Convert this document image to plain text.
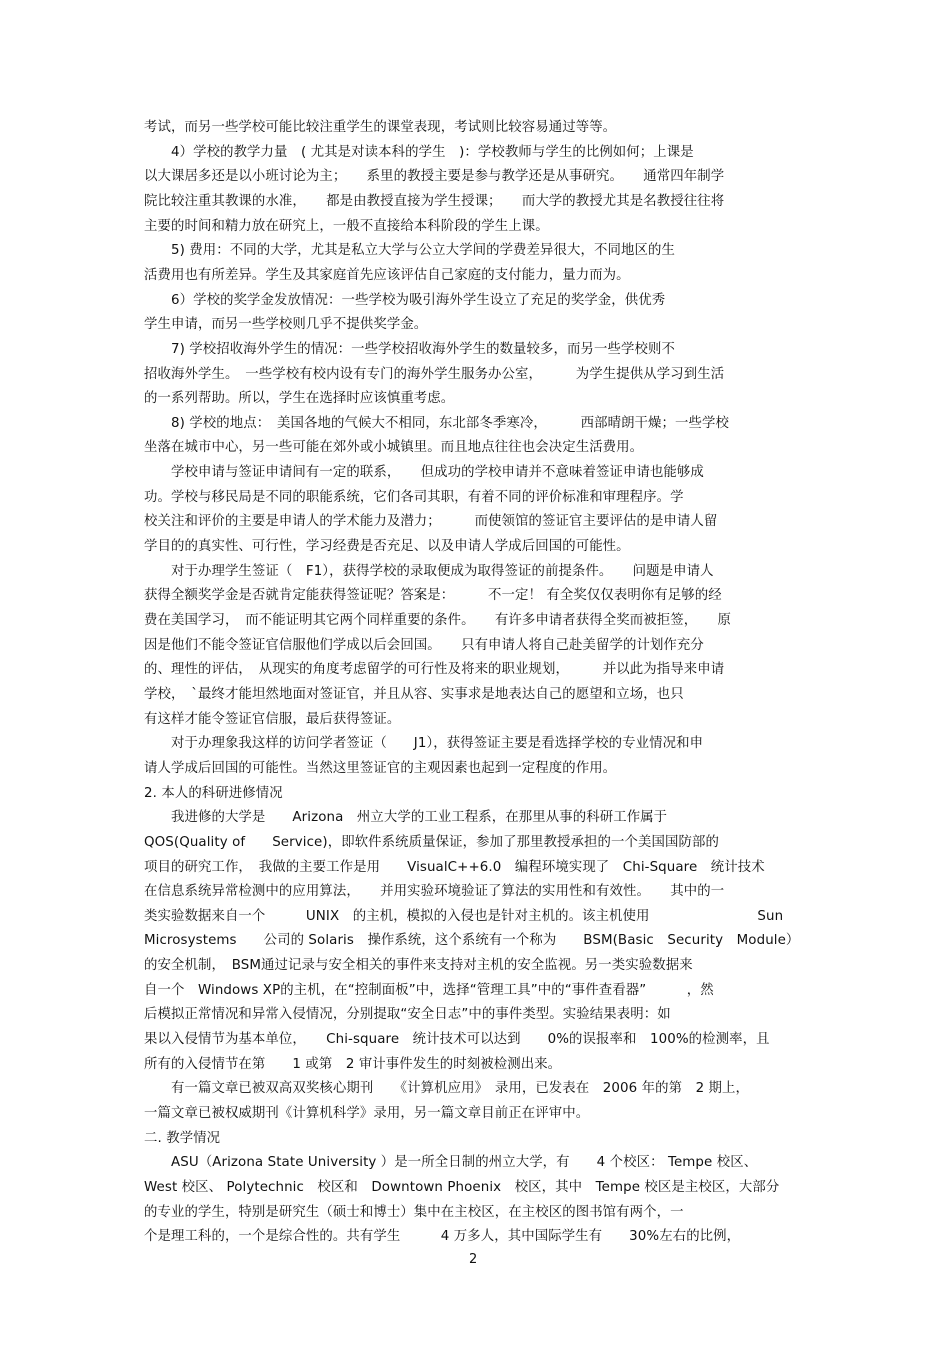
考试，而另一些学校可能比较注重学生的课堂表现，考试则比较容易通过等等。
　　4）学校的教学力量　( 尤其是对读本科的学生　)：学校教师与学生的比例如何；上课是
以大课居多还是以小班讨论为主；　　系里的教授主要是参与教学还是从事研究。　　通常四年制学
院比较注重其教课的水准，　　都是由教授直接为学生授课；　　而大学的教授尤其是名教授往往将
主要的时间和精力放在研究上，一般不直接给本科阶段的学生上课。
　　5) 费用：不同的大学，尤其是私立大学与公立大学间的学费差异很大，不同地区的生
活费用也有所差异。学生及其家庭首先应该评估自己家庭的支付能力，量力而为。
　　6）学校的奖学金发放情况：一些学校为吸引海外学生设立了充足的奖学金，供优秀
学生申请，而另一些学校则几乎不提供奖学金。
　　7) 学校招收海外学生的情况：一些学校招收海外学生的数量较多，而另一些学校则不
招收海外学生。　一些学校有校内设有专门的海外学生服务办公室，　　　为学生提供从学习到生活
的一系列帮助。所以，学生在选择时应该慎重考虑。
　　8) 学校的地点：　美国各地的气候大不相同，东北部冬季寒冷，　　　西部晴朗干燥；一些学校
坐落在城市中心，另一些可能在郊外或小城镇里。而且地点往往也会决定生活费用。
　　学校申请与签证申请间有一定的联系，　　但成功的学校申请并不意味着签证申请也能够成
功。学校与移民局是不同的职能系统，它们各司其职，有着不同的评价标准和审理程序。学
校关注和评价的主要是申请人的学术能力及潜力；　　　而使领馆的签证官主要评估的是申请人留
学目的的真实性、可行性，学习经费是否充足、以及申请人学成后回国的可能性。
　　对于办理学生签证（　F1），获得学校的录取便成为取得签证的前提条件。　　问题是申请人
获得全额奖学金是否就肯定能获得签证呢？答案是：　　　不一定！ 有全奖仅仅表明你有足够的经
费在美国学习，　而不能证明其它两个同样重要的条件。　　有许多申请者获得全奖而被拒签，　　原
因是他们不能令签证官信服他们学成以后会回国。　　只有申请人将自己赴美留学的计划作充分
的、理性的评估，　从现实的角度考虑留学的可行性及将来的职业规划，　　　并以此为指导来申请
学校，　`最终才能坦然地面对签证官，并且从容、实事求是地表达自己的愿望和立场，也只
有这样才能令签证官信服，最后获得签证。
　　对于办理象我这样的访问学者签证（　　J1），获得签证主要是看选择学校的专业情况和申
请人学成后回国的可能性。当然这里签证官的主观因素也起到一定程度的作用。
2. 本人的科研进修情况
　　我进修的大学是　　Arizona　州立大学的工业工程系，在那里从事的科研工作属于
QOS(Quality of　　Service)，即软件系统质量保证，参加了那里教授承担的一个美国国防部的
项目的研究工作，　我做的主要工作是用　　VisualC++6.0　编程环境实现了　Chi-Square　统计技术
在信息系统异常检测中的应用算法，　　并用实验环境验证了算法的实用性和有效性。　　其中的一
类实验数据来自一个　　　UNIX　的主机，模拟的入侵也是针对主机的。该主机使用　　　　　　　　Sun
Microsystems　　公司的 Solaris　操作系统，这个系统有一个称为　　BSM(Basic　Security　Module）
的安全机制，　BSM通过记录与安全相关的事件来支持对主机的安全监视。另一类实验数据来
自一个　Windows XP的主机，在“控制面板”中，选择“管理工具”中的“事件查看器”　　　，然
后模拟正常情况和异常入侵情况，分别提取“安全日志”中的事件类型。实验结果表明：如
果以入侵情节为基本单位，　　Chi-square　统计技术可以达到　　0%的误报率和　100%的检测率，且
所有的入侵情节在第　　1 或第　2 审计事件发生的时刻被检测出来。
　　有一篇文章已被双高双奖核心期刊　　《计算机应用》　录用，已发表在　2006 年的第　2 期上，
一篇文章已被权威期刊《计算机科学》录用，另一篇文章目前正在评审中。
二. 教学情况
　　ASU（Arizona State University ）是一所全日制的州立大学，有　　4 个校区： Tempe 校区、
West 校区、 Polytechnic　校区和　Downtown Phoenix　校区，其中　Tempe 校区是主校区，大部分
的专业的学生，特别是研究生（硕士和博士）集中在主校区，在主校区的图书馆有两个，一
个是理工科的，一个是综合性的。共有学生　　　4 万多人，其中国际学生有　　30%左右的比例，
2
